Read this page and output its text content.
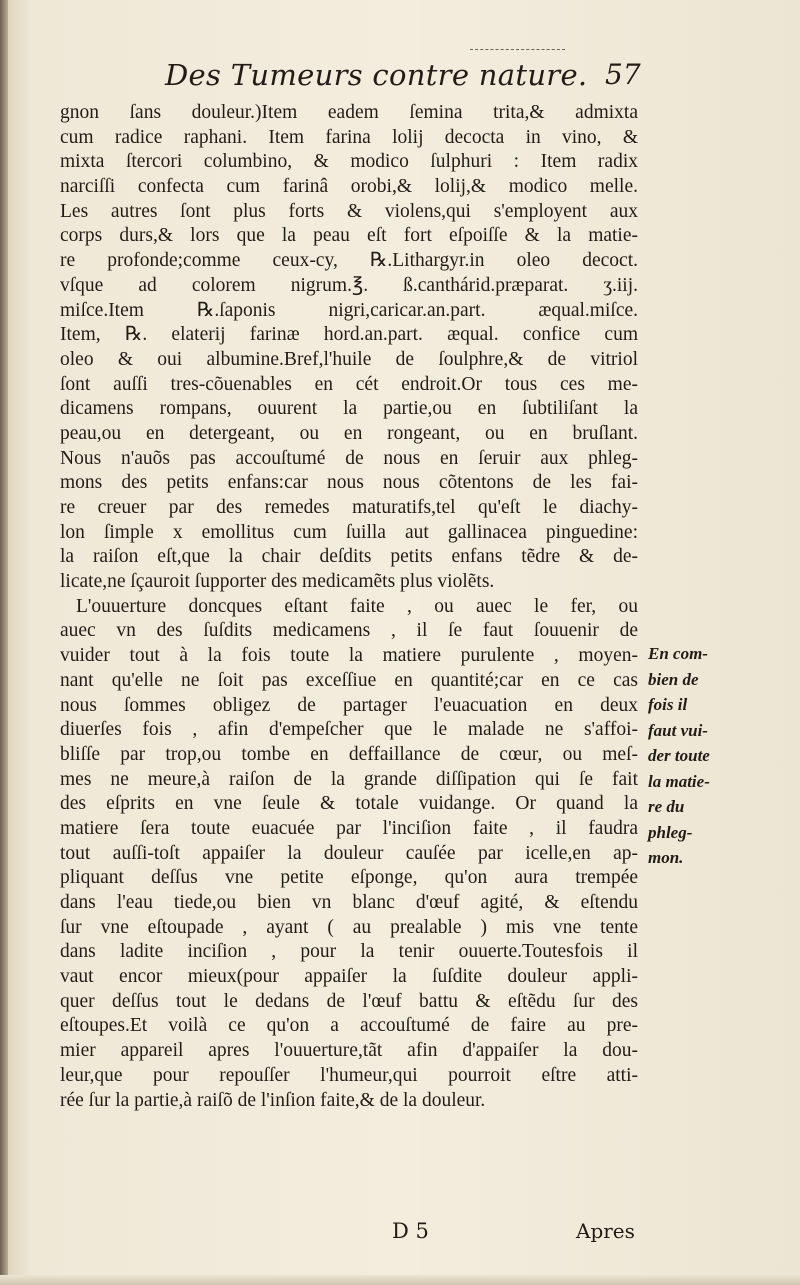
Des Tumeurs contre nature. 57
gnon ſans douleur.)Item eadem ſemina trita,& admixta
cum radice raphani. Item farina lolij decocta in vino, &
mixta ſtercori columbino, & modico ſulphuri : Item radix
narciſſi confecta cum farinâ orobi,& lolij,& modico melle.
Les autres ſont plus forts & violens,qui s'employent aux
corps durs,& lors que la peau eſt fort eſpoiſſe & la matie-
re profonde;comme ceux-cy, ℞.Lithargyr.in oleo decoct.
vſque ad colorem nigrum.℥. ß.canthárid.præparat. ʒ.iij.
miſce.Item ℞.ſaponis nigri,caricar.an.part. æqual.miſce.
Item, ℞. elaterij farinæ hord.an.part. æqual. confice cum
oleo & oui albumine.Bref,l'huile de ſoulphre,& de vitriol
ſont auſſi tres-cõuenables en cét endroit.Or tous ces me-
dicamens rompans, ouurent la partie,ou en ſubtiliſant la
peau,ou en detergeant, ou en rongeant, ou en bruſlant.
Nous n'auõs pas accouſtumé de nous en ſeruir aux phleg-
mons des petits enfans:car nous nous cõtentons de les fai-
re creuer par des remedes maturatifs,tel qu'eſt le diachy-
lon ſimple x emollitus cum ſuilla aut gallinacea pinguedine:
la raiſon eſt,que la chair deſdits petits enfans tẽdre & de-
licate,ne ſçauroit ſupporter des medicamẽts plus violẽts.
L'ouuerture doncques eſtant faite , ou auec le fer, ou
auec vn des ſuſdits medicamens , il ſe faut ſouuenir de
vuider tout à la fois toute la matiere purulente , moyen-
nant qu'elle ne ſoit pas exceſſiue en quantité;car en ce cas
nous ſommes obligez de partager l'euacuation en deux
diuerſes fois , afin d'empeſcher que le malade ne s'affoi-
bliſſe par trop,ou tombe en deffaillance de cœur, ou meſ-
mes ne meure,à raiſon de la grande diſſipation qui ſe fait
des eſprits en vne ſeule & totale vuidange. Or quand la
matiere ſera toute euacuée par l'inciſion faite , il faudra
tout auſſi-toſt appaiſer la douleur cauſée par icelle,en ap-
pliquant deſſus vne petite eſponge, qu'on aura trempée
dans l'eau tiede,ou bien vn blanc d'œuf agité, & eſtendu
ſur vne eſtoupade , ayant ( au prealable ) mis vne tente
dans ladite inciſion , pour la tenir ouuerte.Toutesfois il
vaut encor mieux(pour appaiſer la ſuſdite douleur appli-
quer deſſus tout le dedans de l'œuf battu & eſtẽdu ſur des
eſtoupes.Et voilà ce qu'on a accouſtumé de faire au pre-
mier appareil apres l'ouuerture,tãt afin d'appaiſer la dou-
leur,que pour repouſſer l'humeur,qui pourroit eſtre atti-
rée ſur la partie,à raiſõ de l'inſion faite,& de la douleur.
En com-
bien de
fois il
faut vui-
der toute
la matie-
re du
phleg-
mon.
D 5	Apres
